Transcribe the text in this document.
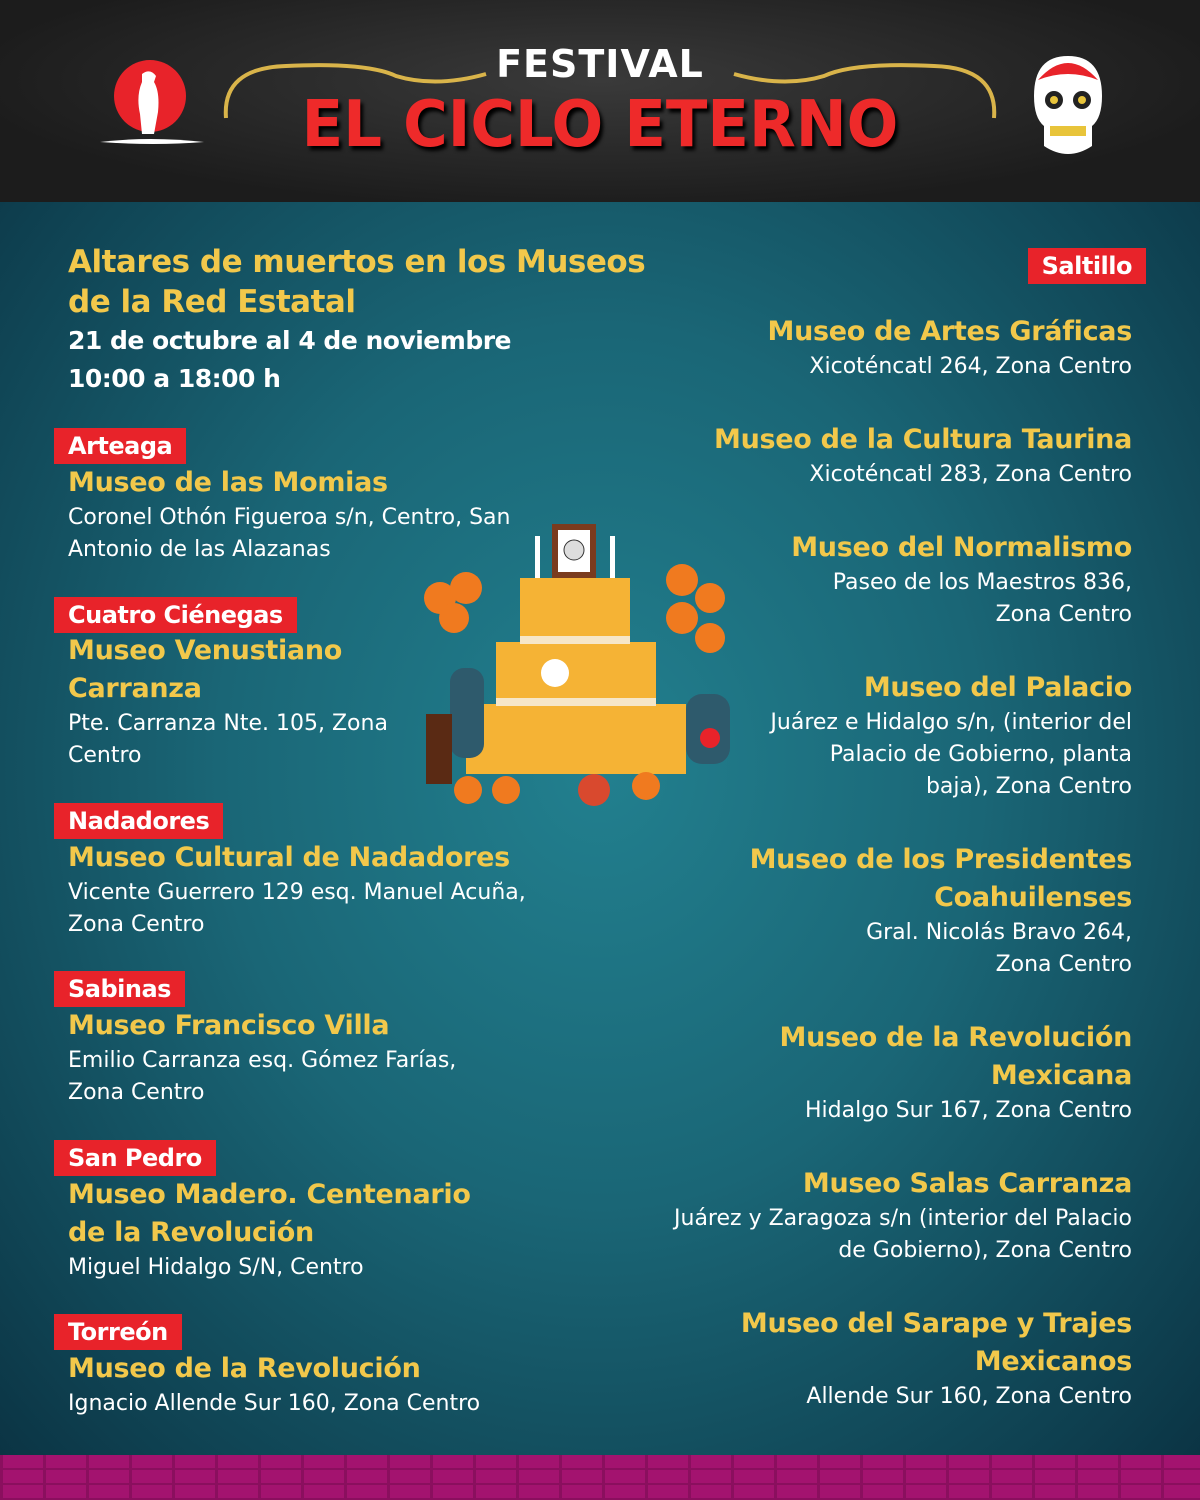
FESTIVAL
EL CICLO ETERNO
Altares de muertos en los Museos
de la Red Estatal
21 de octubre al 4 de noviembre
10:00 a 18:00 h
Arteaga
Museo de las Momias
Coronel Othón Figueroa s/n, Centro, San Antonio de las Alazanas
Cuatro Ciénegas
Museo Venustiano Carranza
Pte. Carranza Nte. 105, Zona Centro
Nadadores
Museo Cultural de Nadadores
Vicente Guerrero 129 esq. Manuel Acuña, Zona Centro
Sabinas
Museo Francisco Villa
Emilio Carranza esq. Gómez Farías, Zona Centro
San Pedro
Museo Madero. Centenario de la Revolución
Miguel Hidalgo S/N, Centro
Torreón
Museo de la Revolución
Ignacio Allende Sur 160, Zona Centro
Saltillo
Museo de Artes Gráficas
Xicoténcatl 264, Zona Centro
Museo de la Cultura Taurina
Xicoténcatl 283, Zona Centro
Museo del Normalismo
Paseo de los Maestros 836, Zona Centro
Museo del Palacio
Juárez e Hidalgo s/n, (interior del Palacio de Gobierno, planta baja), Zona Centro
Museo de los Presidentes Coahuilenses
Gral. Nicolás Bravo 264, Zona Centro
Museo de la Revolución Mexicana
Hidalgo Sur 167, Zona Centro
Museo Salas Carranza
Juárez y Zaragoza s/n (interior del Palacio de Gobierno), Zona Centro
Museo del Sarape y Trajes Mexicanos
Allende Sur 160, Zona Centro
